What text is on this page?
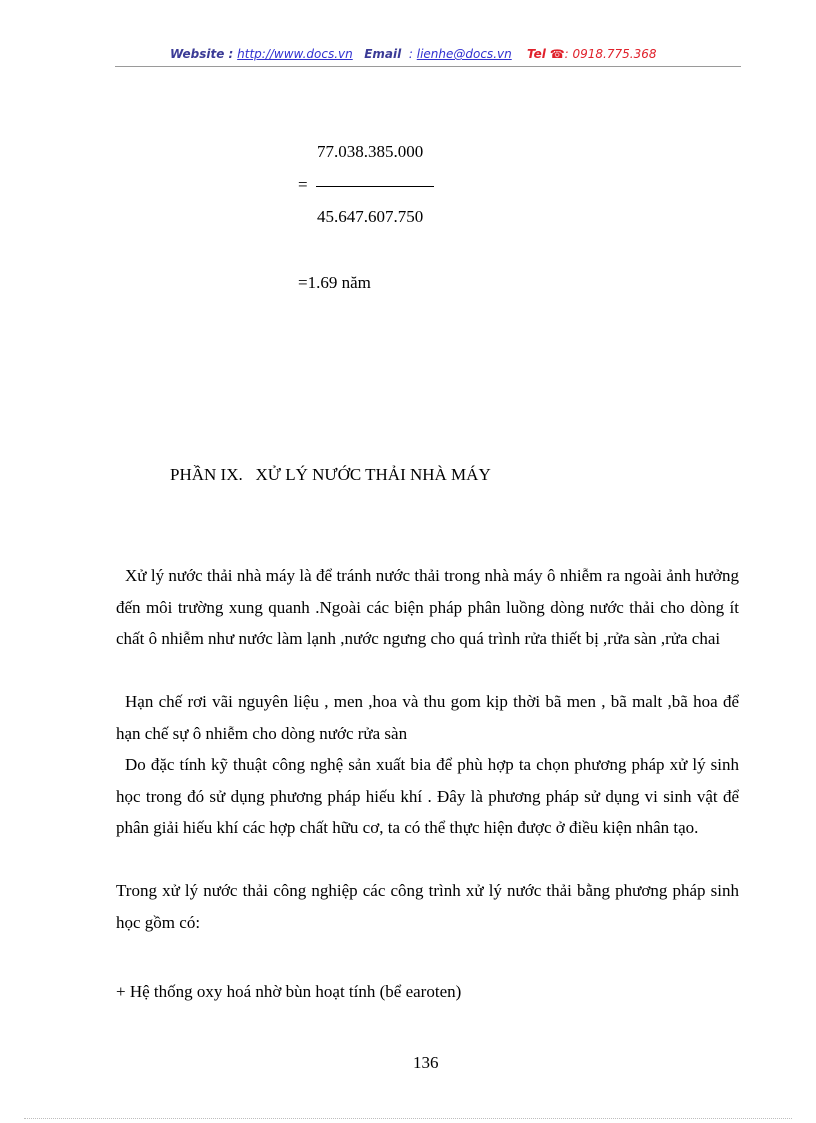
Website : http://www.docs.vn Email : lienhe@docs.vn Tel ☎: 0918.775.368
77.038.385.000
=
45.647.607.750
=1.69 năm
PHẦN IX.   XỬ LÝ NƯỚC THẢI NHÀ MÁY

Xử lý nước thải nhà máy là để tránh nước thải trong nhà máy ô nhiễm ra ngoài ảnh hưởng đến môi trường xung quanh .Ngoài các biện pháp phân luồng dòng nước thải cho dòng ít chất ô nhiễm như nước làm lạnh ,nước ngưng cho quá trình rửa thiết bị ,rửa sàn ,rửa chai

Hạn chế rơi vãi nguyên liệu , men ,hoa và thu gom kịp thời bã men , bã malt ,bã hoa để hạn chế sự ô nhiễm cho dòng nước rửa sàn

Do đặc tính kỹ thuật công nghệ sản xuất bia để phù hợp ta chọn phương pháp xử lý sinh học trong đó sử dụng phương pháp hiếu khí . Đây là phương pháp sử dụng vi sinh vật để phân giải hiếu khí các hợp chất hữu cơ, ta có thể thực hiện được ở điều kiện nhân tạo.

Trong xử lý nước thải công nghiệp các công trình xử lý nước thải bằng phương pháp sinh học gồm có:

+ Hệ thống oxy hoá nhờ bùn hoạt tính (bể earoten)

136
